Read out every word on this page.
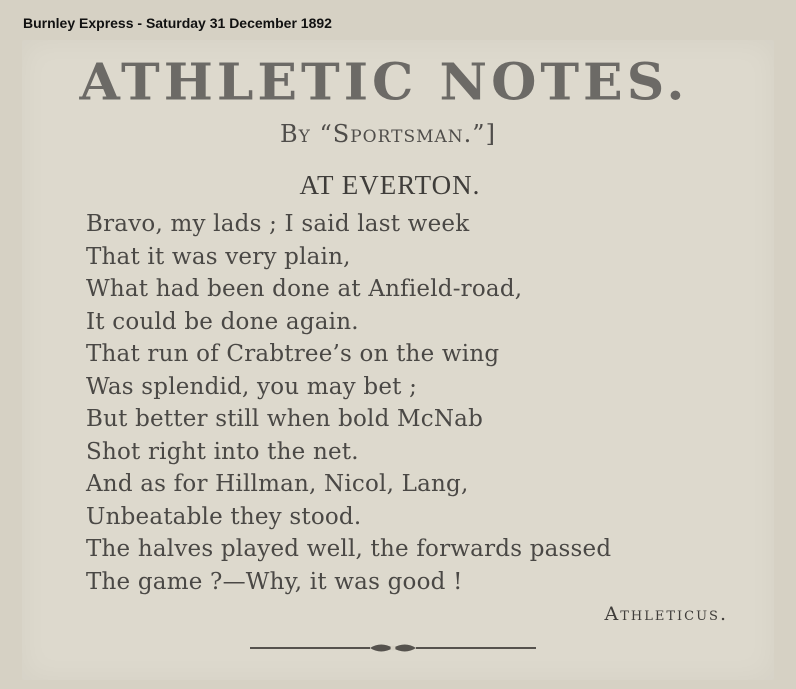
Burnley Express - Saturday 31 December 1892
ATHLETIC NOTES.
By “Sportsman.”]
AT EVERTON.
Bravo, my lads ; I said last week
That it was very plain,
What had been done at Anfield-road,
It could be done again.
That run of Crabtree’s on the wing
Was splendid, you may bet ;
But better still when bold McNab
Shot right into the net.
And as for Hillman, Nicol, Lang,
Unbeatable they stood.
The halves played well, the forwards passed
The game ?—Why, it was good !
Athleticus.
